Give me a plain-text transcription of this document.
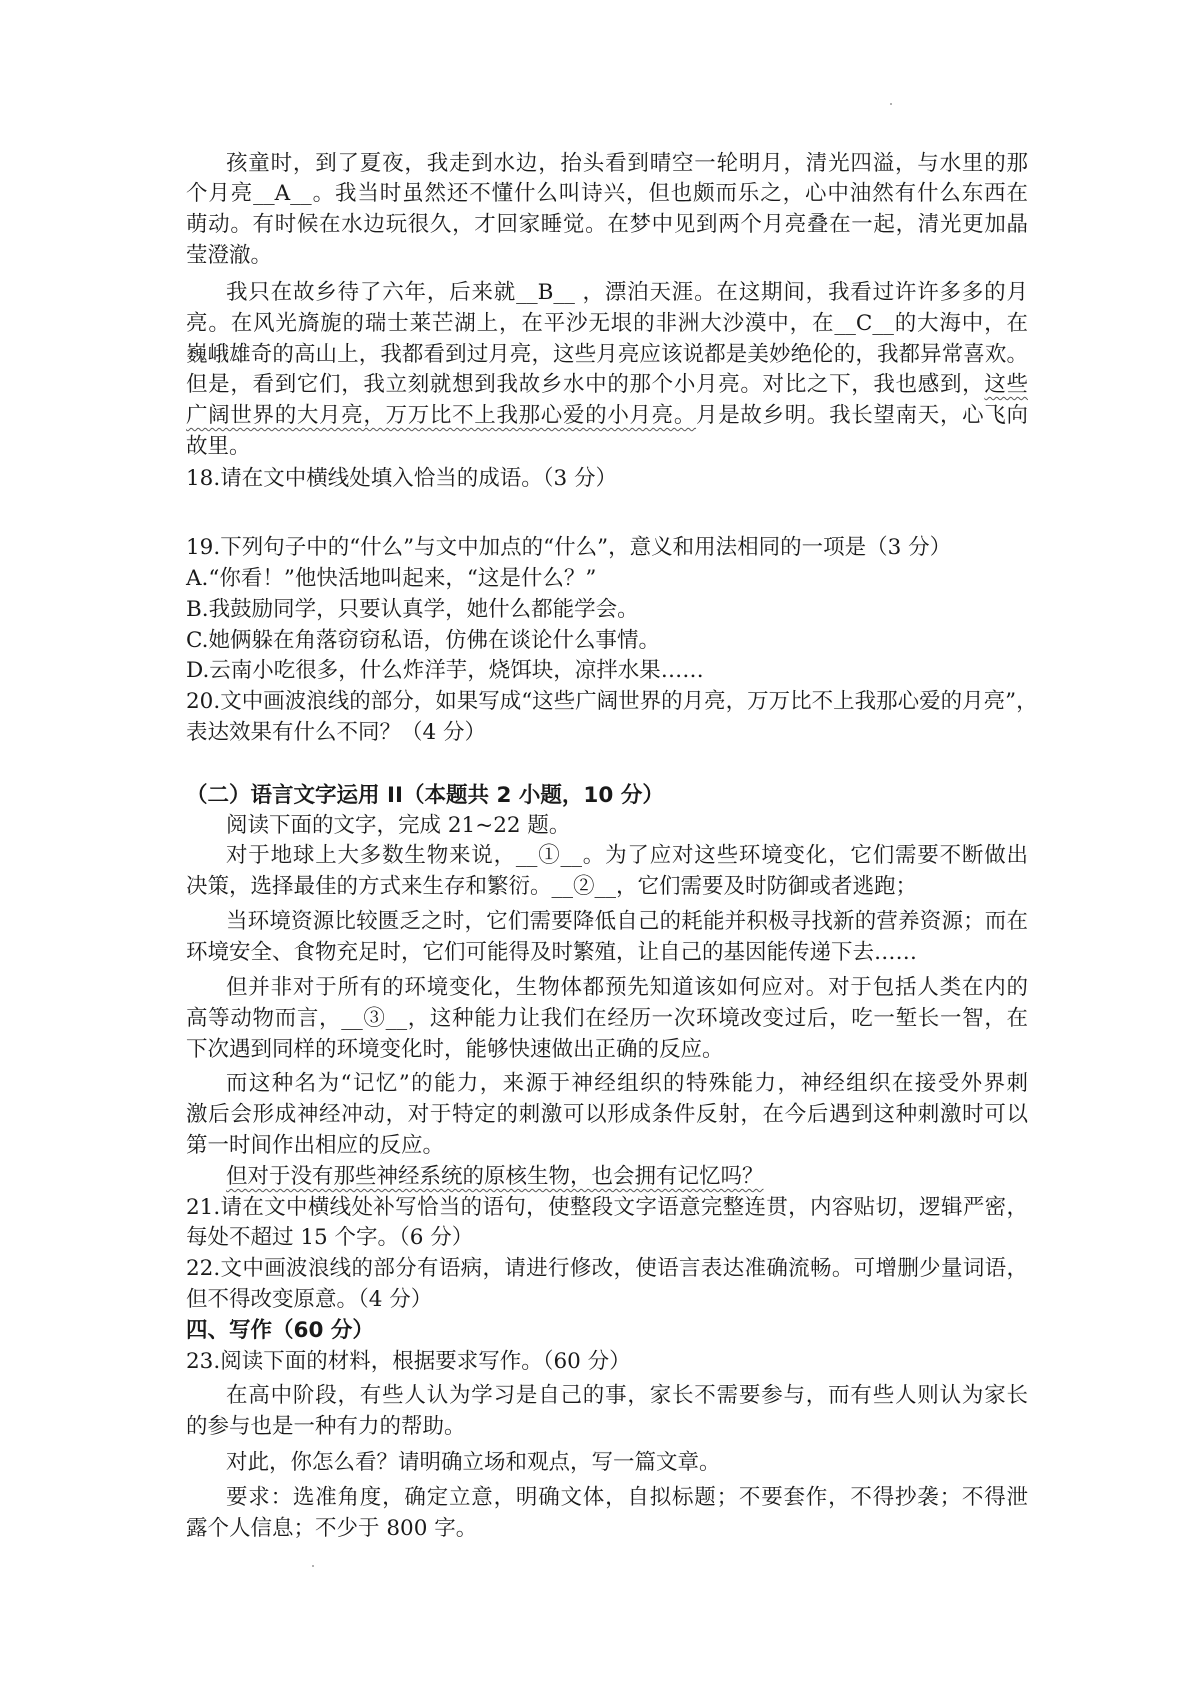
孩童时，到了夏夜，我走到水边，抬头看到晴空一轮明月，清光四溢，与水里的那
个月亮__A__。我当时虽然还不懂什么叫诗兴，但也颇而乐之，心中油然有什么东西在
萌动。有时候在水边玩很久，才回家睡觉。在梦中见到两个月亮叠在一起，清光更加晶
莹澄澈。
我只在故乡待了六年，后来就__B__ ，漂泊天涯。在这期间，我看过许许多多的月
亮。在风光旖旎的瑞士莱芒湖上，在平沙无垠的非洲大沙漠中，在__C__的大海中，在
巍峨雄奇的高山上，我都看到过月亮，这些月亮应该说都是美妙绝伦的，我都异常喜欢。
但是，看到它们，我立刻就想到我故乡水中的那个小月亮。对比之下，我也感到，这些
广阔世界的大月亮，万万比不上我那心爱的小月亮。月是故乡明。我长望南天，心飞向
故里。
18.请在文中横线处填入恰当的成语。（3 分）
19.下列句子中的“什么”与文中加点的“什么”，意义和用法相同的一项是（3 分）
A.“你看！”他快活地叫起来，“这是什么？”
B.我鼓励同学，只要认真学，她什么都能学会。
C.她俩躲在角落窃窃私语，仿佛在谈论什么事情。
D.云南小吃很多，什么炸洋芋，烧饵块，凉拌水果……
20.文中画波浪线的部分，如果写成“这些广阔世界的月亮，万万比不上我那心爱的月亮”，
表达效果有什么不同？（4 分）
（二）语言文字运用 II（本题共 2 小题，10 分）
阅读下面的文字，完成 21~22 题。
对于地球上大多数生物来说，__①__。为了应对这些环境变化，它们需要不断做出
决策，选择最佳的方式来生存和繁衍。__②__，它们需要及时防御或者逃跑；
当环境资源比较匮乏之时，它们需要降低自己的耗能并积极寻找新的营养资源；而在
环境安全、食物充足时，它们可能得及时繁殖，让自己的基因能传递下去……
但并非对于所有的环境变化，生物体都预先知道该如何应对。对于包括人类在内的
高等动物而言，__③__，这种能力让我们在经历一次环境改变过后，吃一堑长一智，在
下次遇到同样的环境变化时，能够快速做出正确的反应。
而这种名为“记忆”的能力，来源于神经组织的特殊能力，神经组织在接受外界刺
激后会形成神经冲动，对于特定的刺激可以形成条件反射，在今后遇到这种刺激时可以
第一时间作出相应的反应。
但对于没有那些神经系统的原核生物，也会拥有记忆吗？
21.请在文中横线处补写恰当的语句，使整段文字语意完整连贯，内容贴切，逻辑严密，
每处不超过 15 个字。（6 分）
22.文中画波浪线的部分有语病，请进行修改，使语言表达准确流畅。可增删少量词语，
但不得改变原意。（4 分）
四、写作（60 分）
23.阅读下面的材料，根据要求写作。（60 分）
在高中阶段，有些人认为学习是自己的事，家长不需要参与，而有些人则认为家长
的参与也是一种有力的帮助。
对此，你怎么看？请明确立场和观点，写一篇文章。
要求：选准角度，确定立意，明确文体，自拟标题；不要套作，不得抄袭；不得泄
露个人信息；不少于 800 字。
